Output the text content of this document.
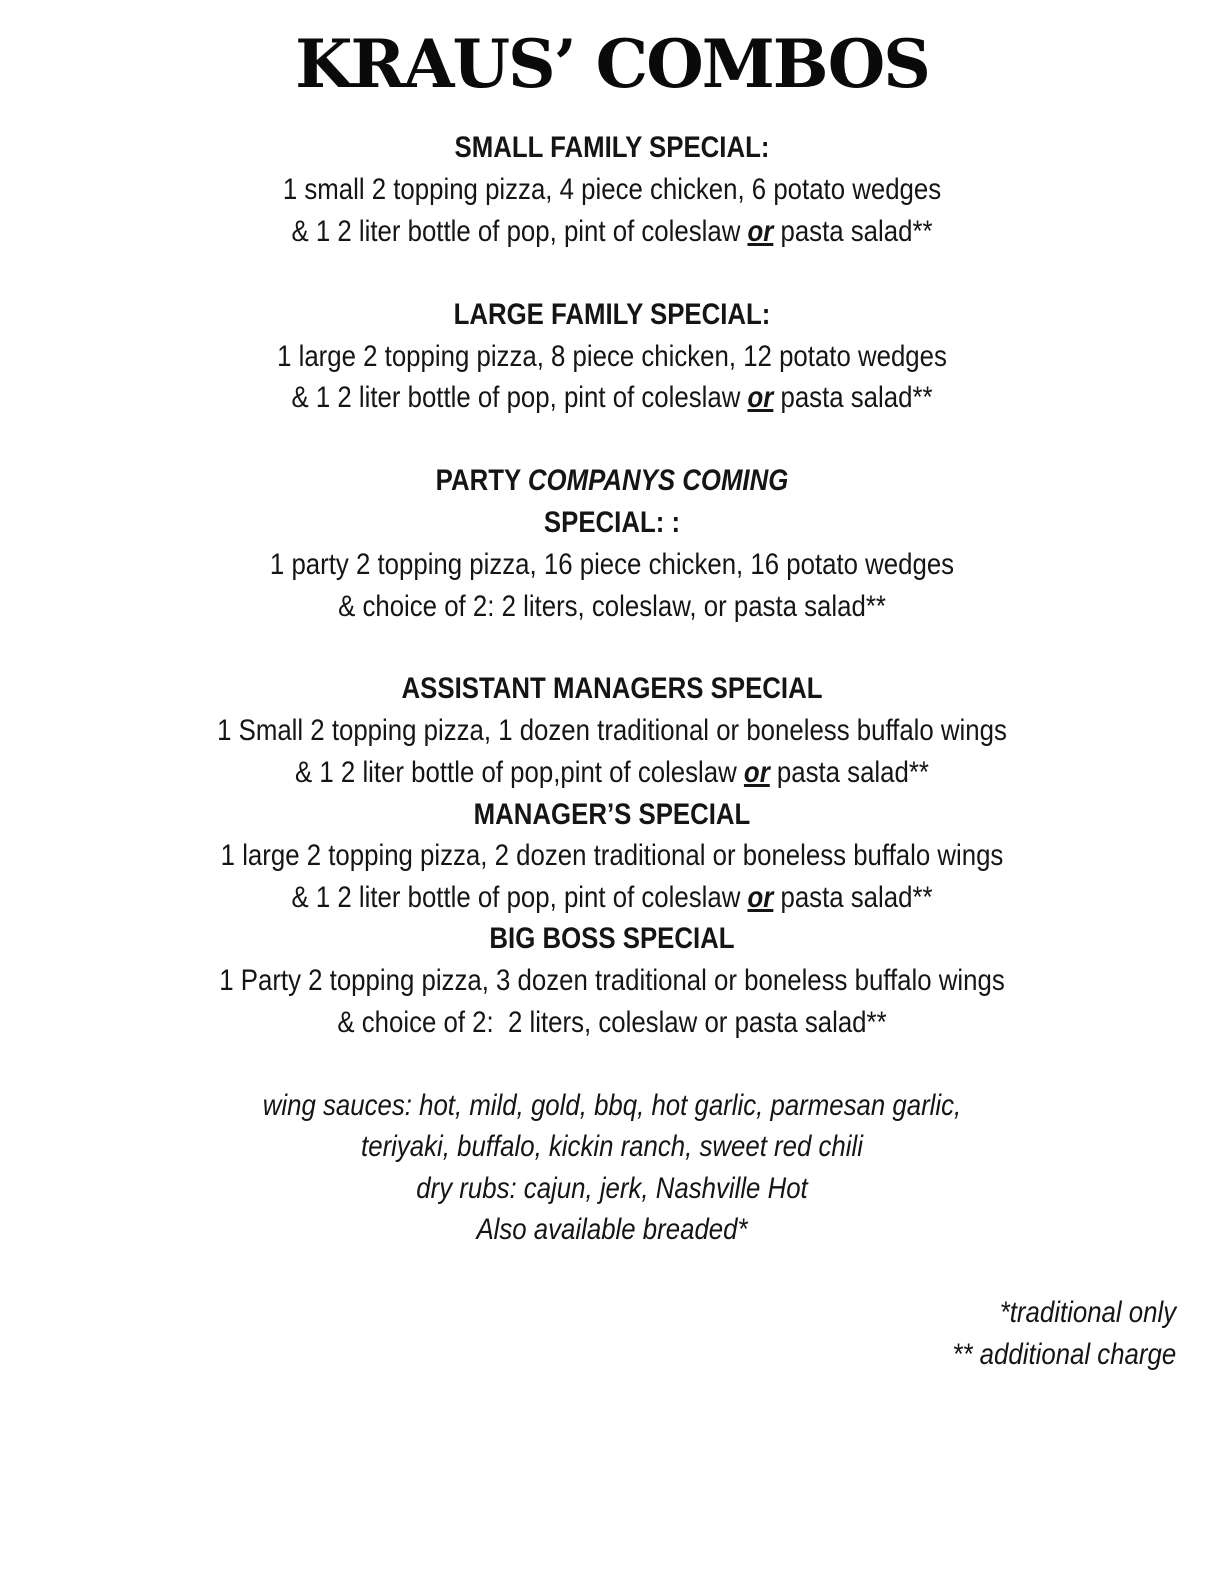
KRAUS’ COMBOS
SMALL FAMILY SPECIAL:
1 small 2 topping pizza, 4 piece chicken, 6 potato wedges
& 1 2 liter bottle of pop, pint of coleslaw or pasta salad**
LARGE FAMILY SPECIAL:
1 large 2 topping pizza, 8 piece chicken, 12 potato wedges
& 1 2 liter bottle of pop, pint of coleslaw or pasta salad**
PARTY COMPANYS COMING
SPECIAL: :
1 party 2 topping pizza, 16 piece chicken, 16 potato wedges
& choice of 2: 2 liters, coleslaw, or pasta salad**
ASSISTANT MANAGERS SPECIAL
1 Small 2 topping pizza, 1 dozen traditional or boneless buffalo wings
& 1 2 liter bottle of pop,pint of coleslaw or pasta salad**
MANAGER’S SPECIAL
1 large 2 topping pizza, 2 dozen traditional or boneless buffalo wings
& 1 2 liter bottle of pop, pint of coleslaw or pasta salad**
BIG BOSS SPECIAL
1 Party 2 topping pizza, 3 dozen traditional or boneless buffalo wings
& choice of 2:  2 liters, coleslaw or pasta salad**
wing sauces: hot, mild, gold, bbq, hot garlic, parmesan garlic,
teriyaki, buffalo, kickin ranch, sweet red chili
dry rubs: cajun, jerk, Nashville Hot
Also available breaded*
*traditional only
** additional charge
